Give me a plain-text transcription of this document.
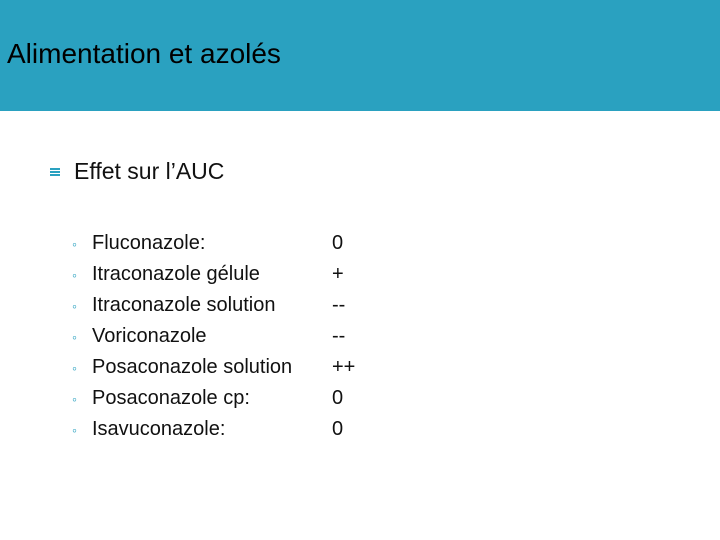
Alimentation et azolés
Effet sur l’AUC
◦ Fluconazole:	0
◦ Itraconazole gélule	+
◦ Itraconazole solution	--
◦ Voriconazole	--
◦ Posaconazole solution	++
◦ Posaconazole cp:	0
◦ Isavuconazole:	0
